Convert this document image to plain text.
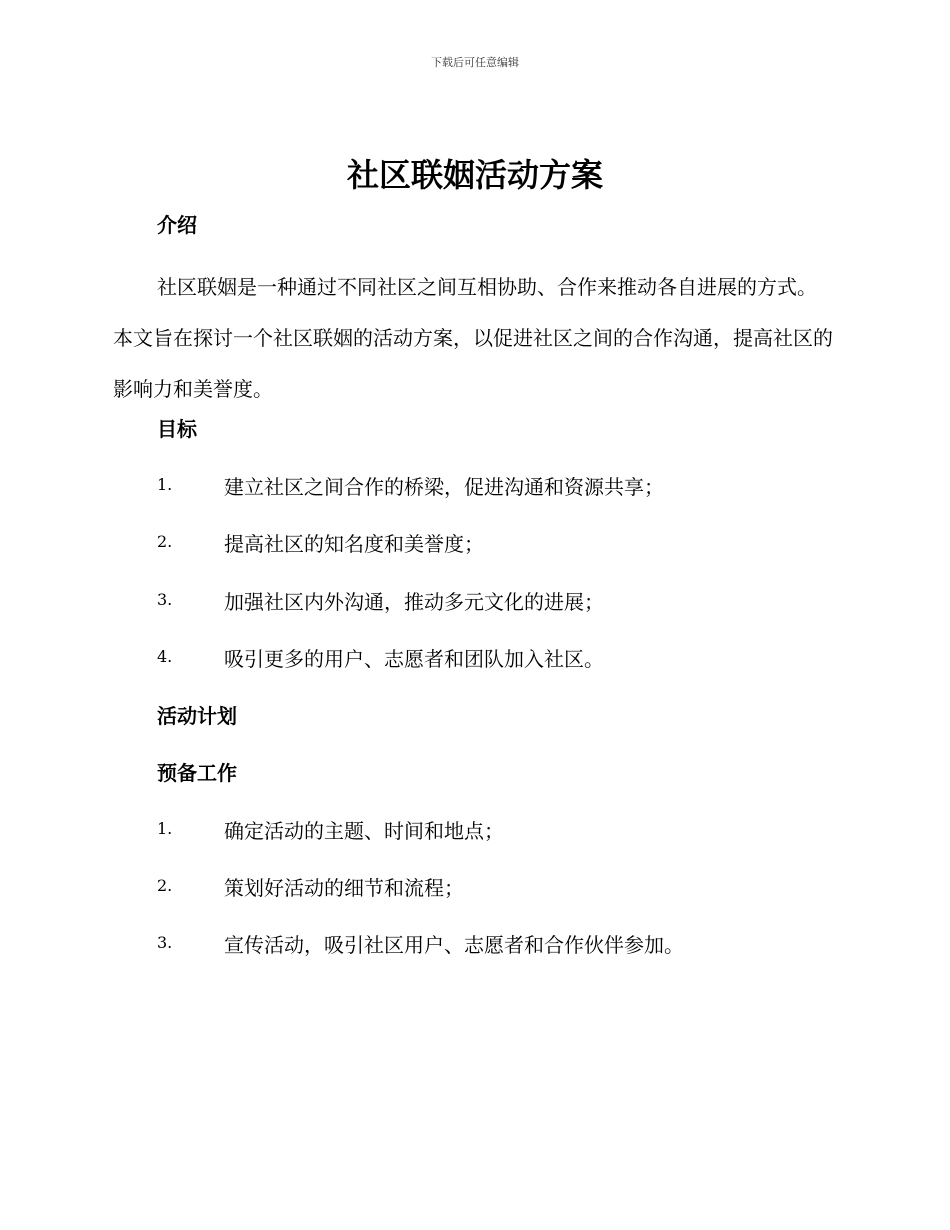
下载后可任意编辑
社区联姻活动方案
介绍

社区联姻是一种通过不同社区之间互相协助、合作来推动各自进展的方式。本文旨在探讨一个社区联姻的活动方案，以促进社区之间的合作沟通，提高社区的影响力和美誉度。

目标
1.	建立社区之间合作的桥梁，促进沟通和资源共享；
2.	提高社区的知名度和美誉度；
3.	加强社区内外沟通，推动多元文化的进展；
4.	吸引更多的用户、志愿者和团队加入社区。
活动计划
预备工作
1.	确定活动的主题、时间和地点；
2.	策划好活动的细节和流程；
3.	宣传活动，吸引社区用户、志愿者和合作伙伴参加。
